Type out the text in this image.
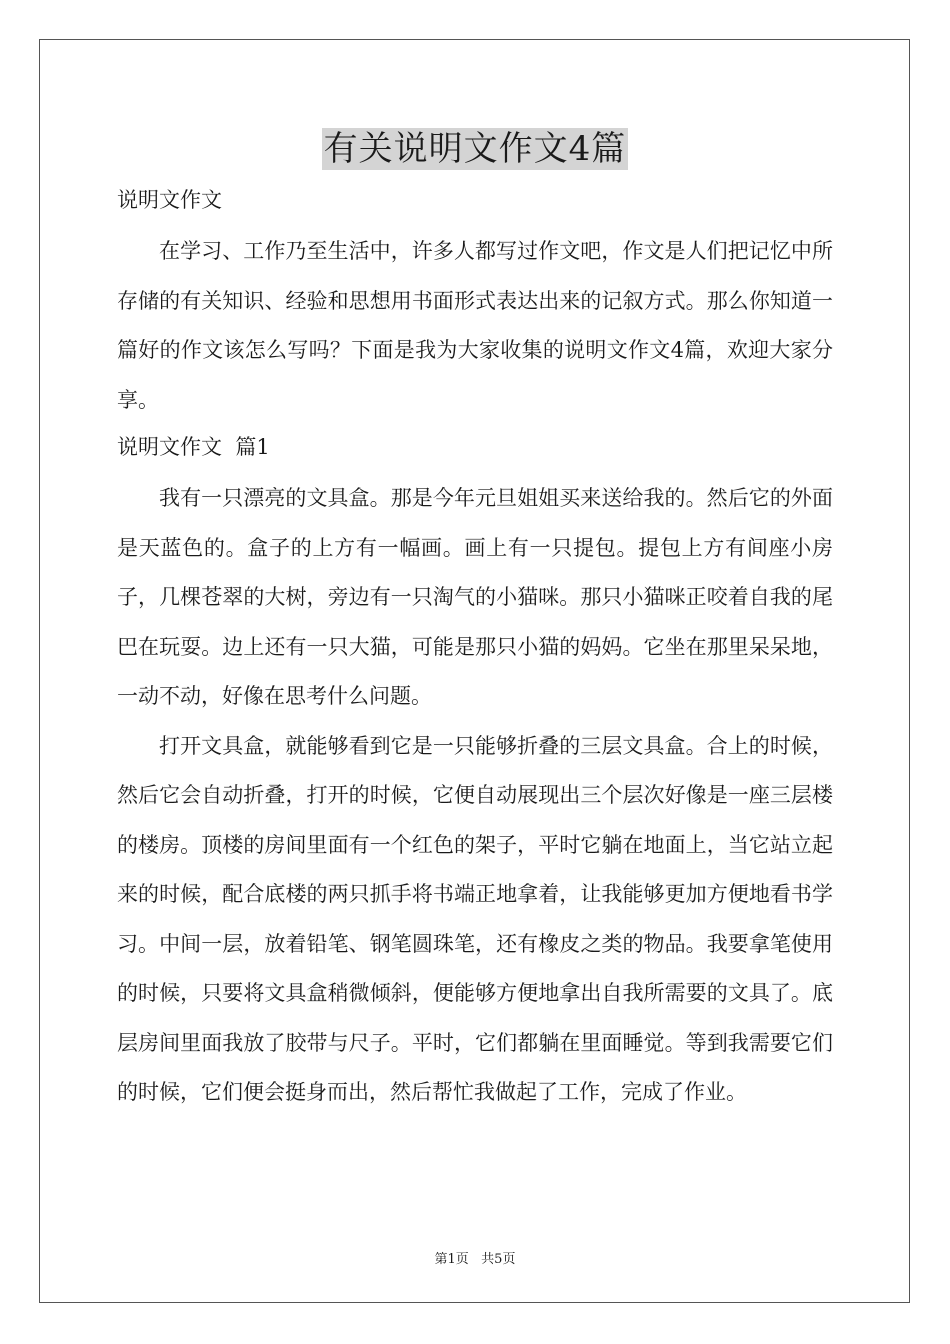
有关说明文作文4篇
说明文作文

在学习、工作乃至生活中，许多人都写过作文吧，作文是人们把记忆中所存储的有关知识、经验和思想用书面形式表达出来的记叙方式。那么你知道一篇好的作文该怎么写吗？下面是我为大家收集的说明文作文4篇，欢迎大家分享。

说明文作文  篇1

我有一只漂亮的文具盒。那是今年元旦姐姐买来送给我的。然后它的外面是天蓝色的。盒子的上方有一幅画。画上有一只提包。提包上方有间座小房子，几棵苍翠的大树，旁边有一只淘气的小猫咪。那只小猫咪正咬着自我的尾巴在玩耍。边上还有一只大猫，可能是那只小猫的妈妈。它坐在那里呆呆地，一动不动，好像在思考什么问题。

打开文具盒，就能够看到它是一只能够折叠的三层文具盒。合上的时候，然后它会自动折叠，打开的时候，它便自动展现出三个层次好像是一座三层楼的楼房。顶楼的房间里面有一个红色的架子，平时它躺在地面上，当它站立起来的时候，配合底楼的两只抓手将书端正地拿着，让我能够更加方便地看书学习。中间一层，放着铅笔、钢笔圆珠笔，还有橡皮之类的物品。我要拿笔使用的时候，只要将文具盒稍微倾斜，便能够方便地拿出自我所需要的文具了。底层房间里面我放了胶带与尺子。平时，它们都躺在里面睡觉。等到我需要它们的时候，它们便会挺身而出，然后帮忙我做起了工作，完成了作业。

第1页   共5页
